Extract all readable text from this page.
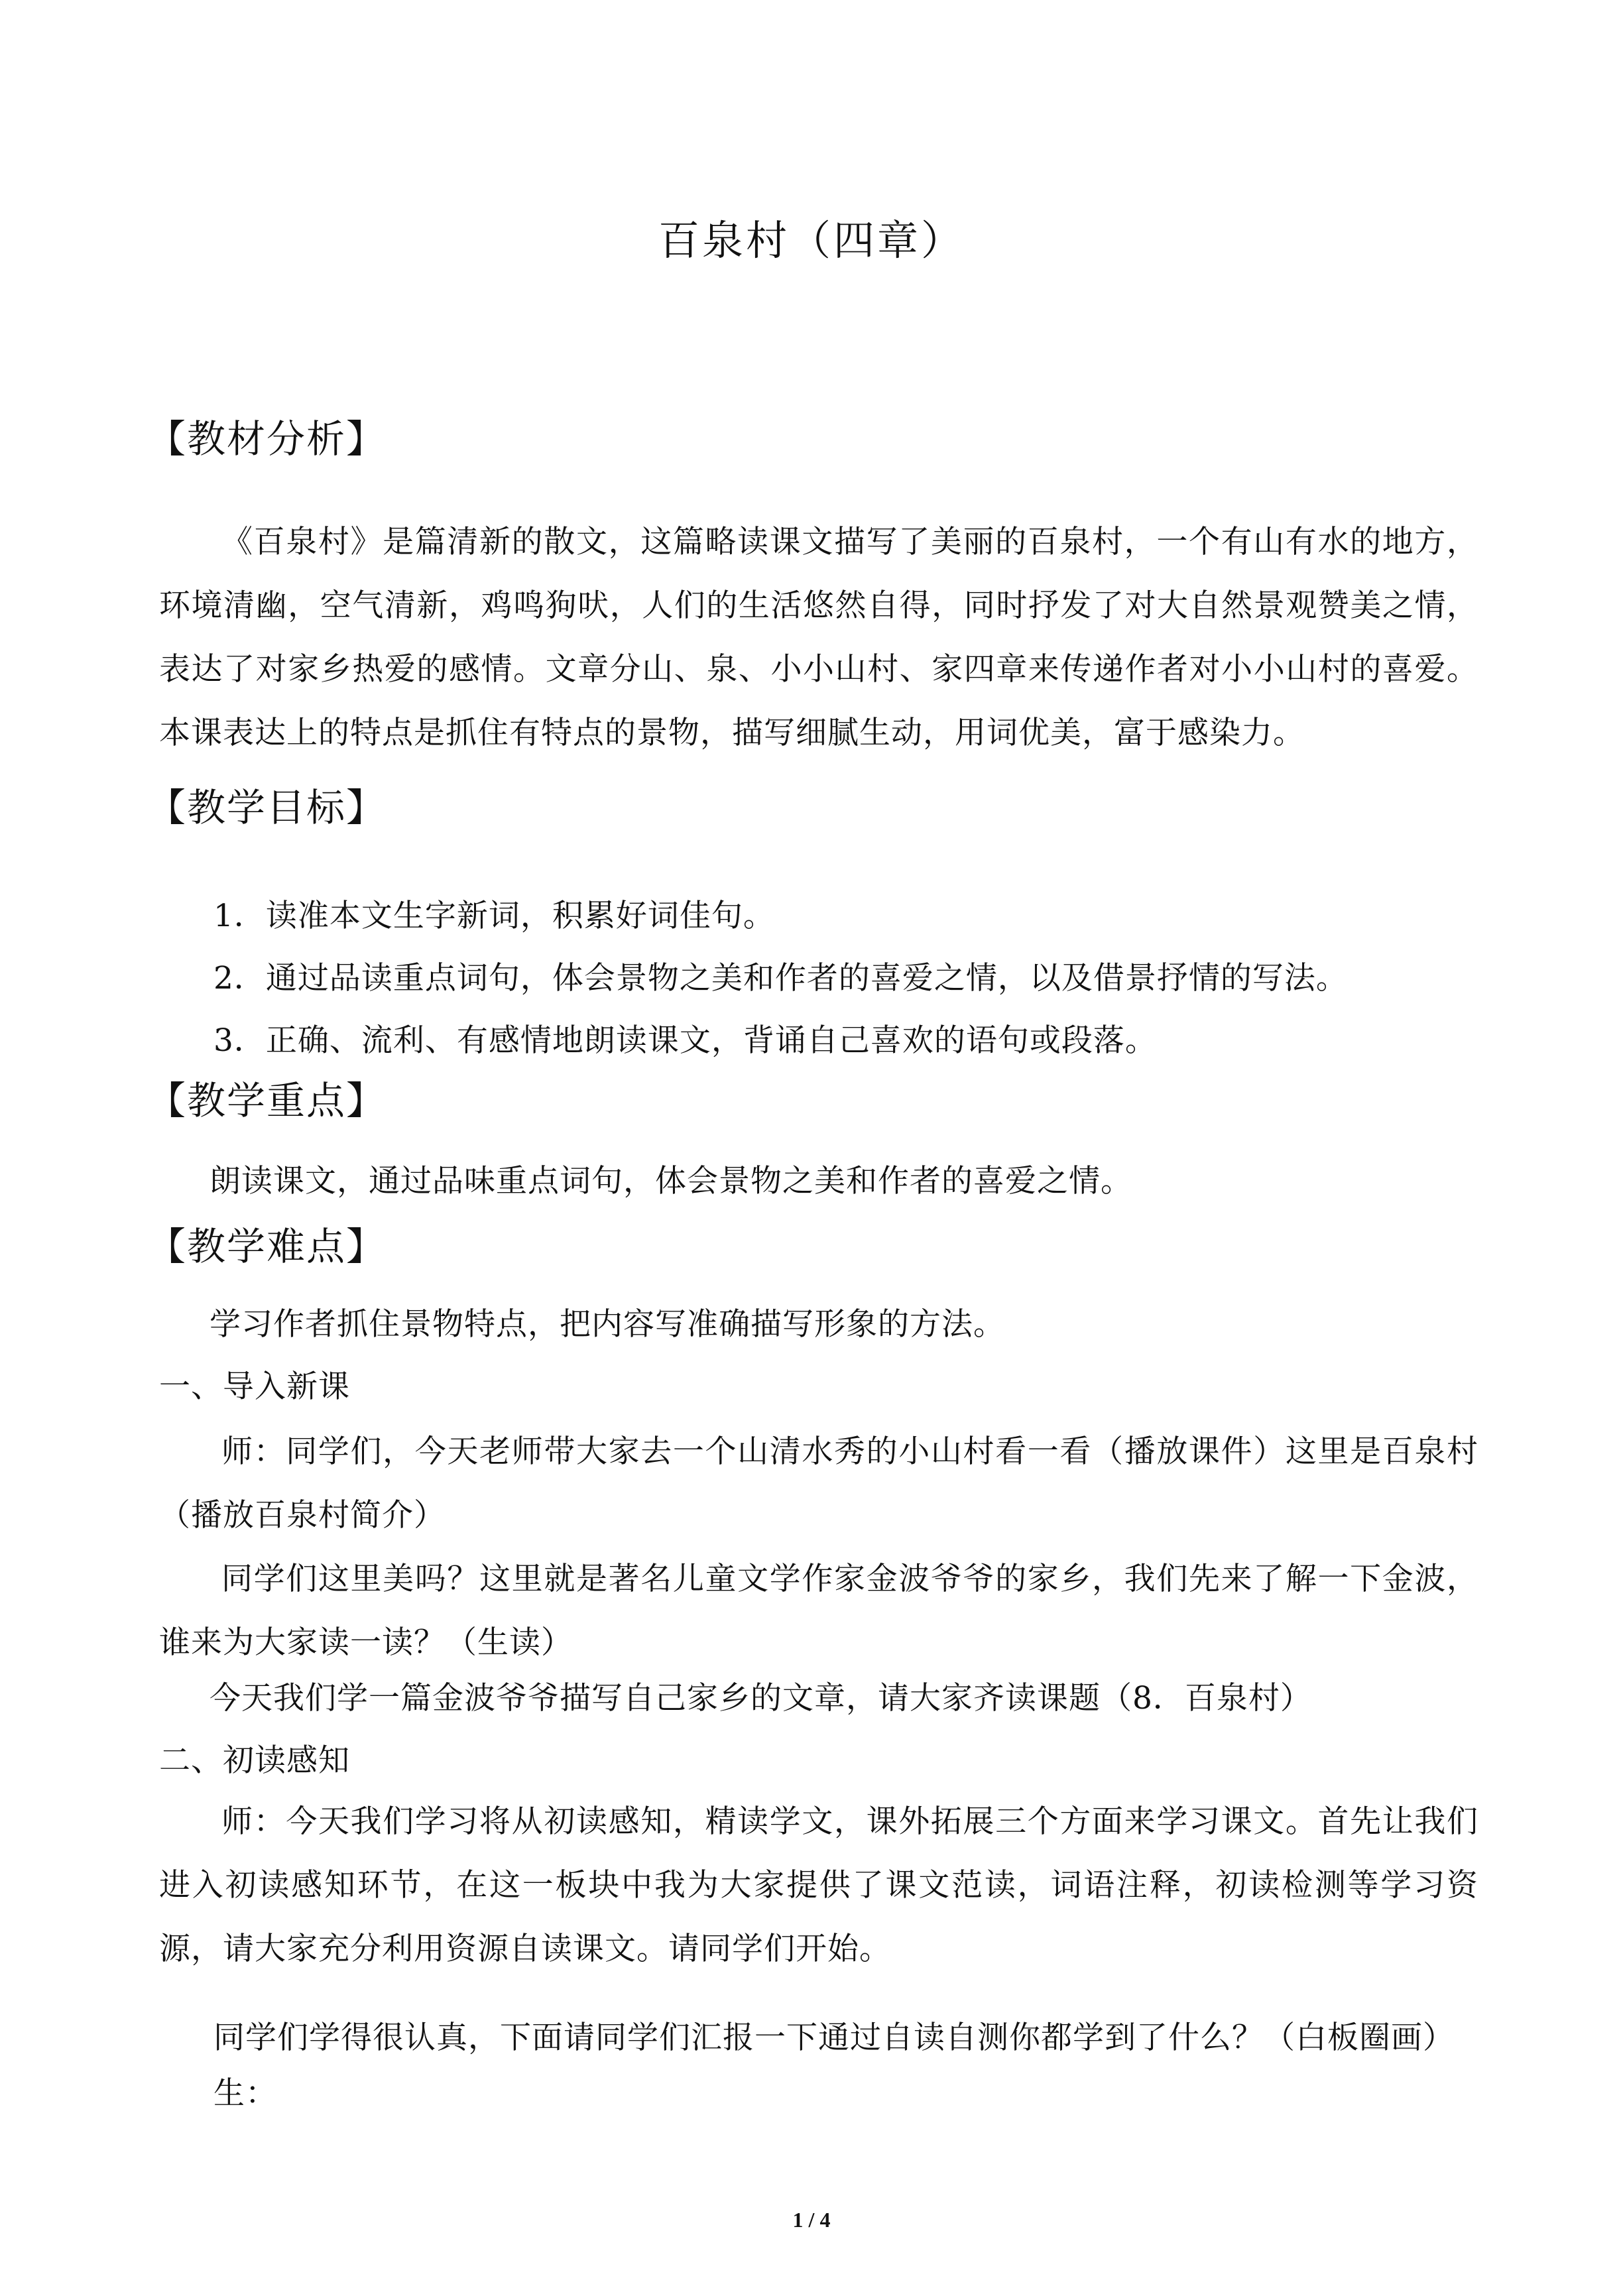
百泉村（四章）
【教材分析】
《百泉村》是篇清新的散文，这篇略读课文描写了美丽的百泉村，一个有山有水的地方，环境清幽，空气清新，鸡鸣狗吠，人们的生活悠然自得，同时抒发了对大自然景观赞美之情，表达了对家乡热爱的感情。文章分山、泉、小小山村、家四章来传递作者对小小山村的喜爱。本课表达上的特点是抓住有特点的景物，描写细腻生动，用词优美，富于感染力。
【教学目标】
1．读准本文生字新词，积累好词佳句。
2．通过品读重点词句，体会景物之美和作者的喜爱之情，以及借景抒情的写法。
3．正确、流利、有感情地朗读课文，背诵自己喜欢的语句或段落。
【教学重点】
朗读课文，通过品味重点词句，体会景物之美和作者的喜爱之情。
【教学难点】
学习作者抓住景物特点，把内容写准确描写形象的方法。
一、导入新课
师：同学们，今天老师带大家去一个山清水秀的小山村看一看（播放课件）这里是百泉村（播放百泉村简介）
同学们这里美吗？这里就是著名儿童文学作家金波爷爷的家乡，我们先来了解一下金波，谁来为大家读一读？（生读）
今天我们学一篇金波爷爷描写自己家乡的文章，请大家齐读课题（8．百泉村）
二、初读感知
师：今天我们学习将从初读感知，精读学文，课外拓展三个方面来学习课文。首先让我们进入初读感知环节，在这一板块中我为大家提供了课文范读，词语注释，初读检测等学习资源，请大家充分利用资源自读课文。请同学们开始。
同学们学得很认真，下面请同学们汇报一下通过自读自测你都学到了什么？（白板圈画）
生：
1 / 4
